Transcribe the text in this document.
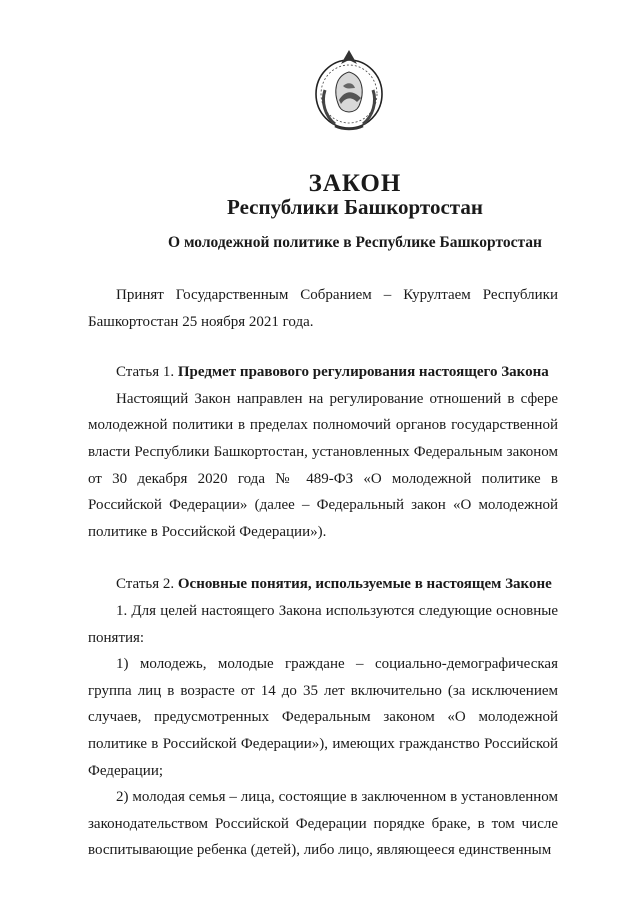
ЗАКОН
Республики Башкортостан
О молодежной политике в Республике Башкортостан

Принят Государственным Собранием – Курултаем Республики Башкортостан 25 ноября 2021 года.

Статья 1. Предмет правового регулирования настоящего Закона

Настоящий Закон направлен на регулирование отношений в сфере молодежной политики в пределах полномочий органов государственной власти Республики Башкортостан, установленных Федеральным законом от 30 декабря 2020 года № 489-ФЗ «О молодежной политике в Российской Федерации» (далее – Федеральный закон «О молодежной политике в Российской Федерации»).

Статья 2. Основные понятия, используемые в настоящем Законе

1. Для целей настоящего Закона используются следующие основные понятия:

1) молодежь, молодые граждане – социально-демографическая группа лиц в возрасте от 14 до 35 лет включительно (за исключением случаев, предусмотренных Федеральным законом «О молодежной политике в Российской Федерации»), имеющих гражданство Российской Федерации;

2) молодая семья – лица, состоящие в заключенном в установленном законодательством Российской Федерации порядке браке, в том числе воспитывающие ребенка (детей), либо лицо, являющееся единственным
